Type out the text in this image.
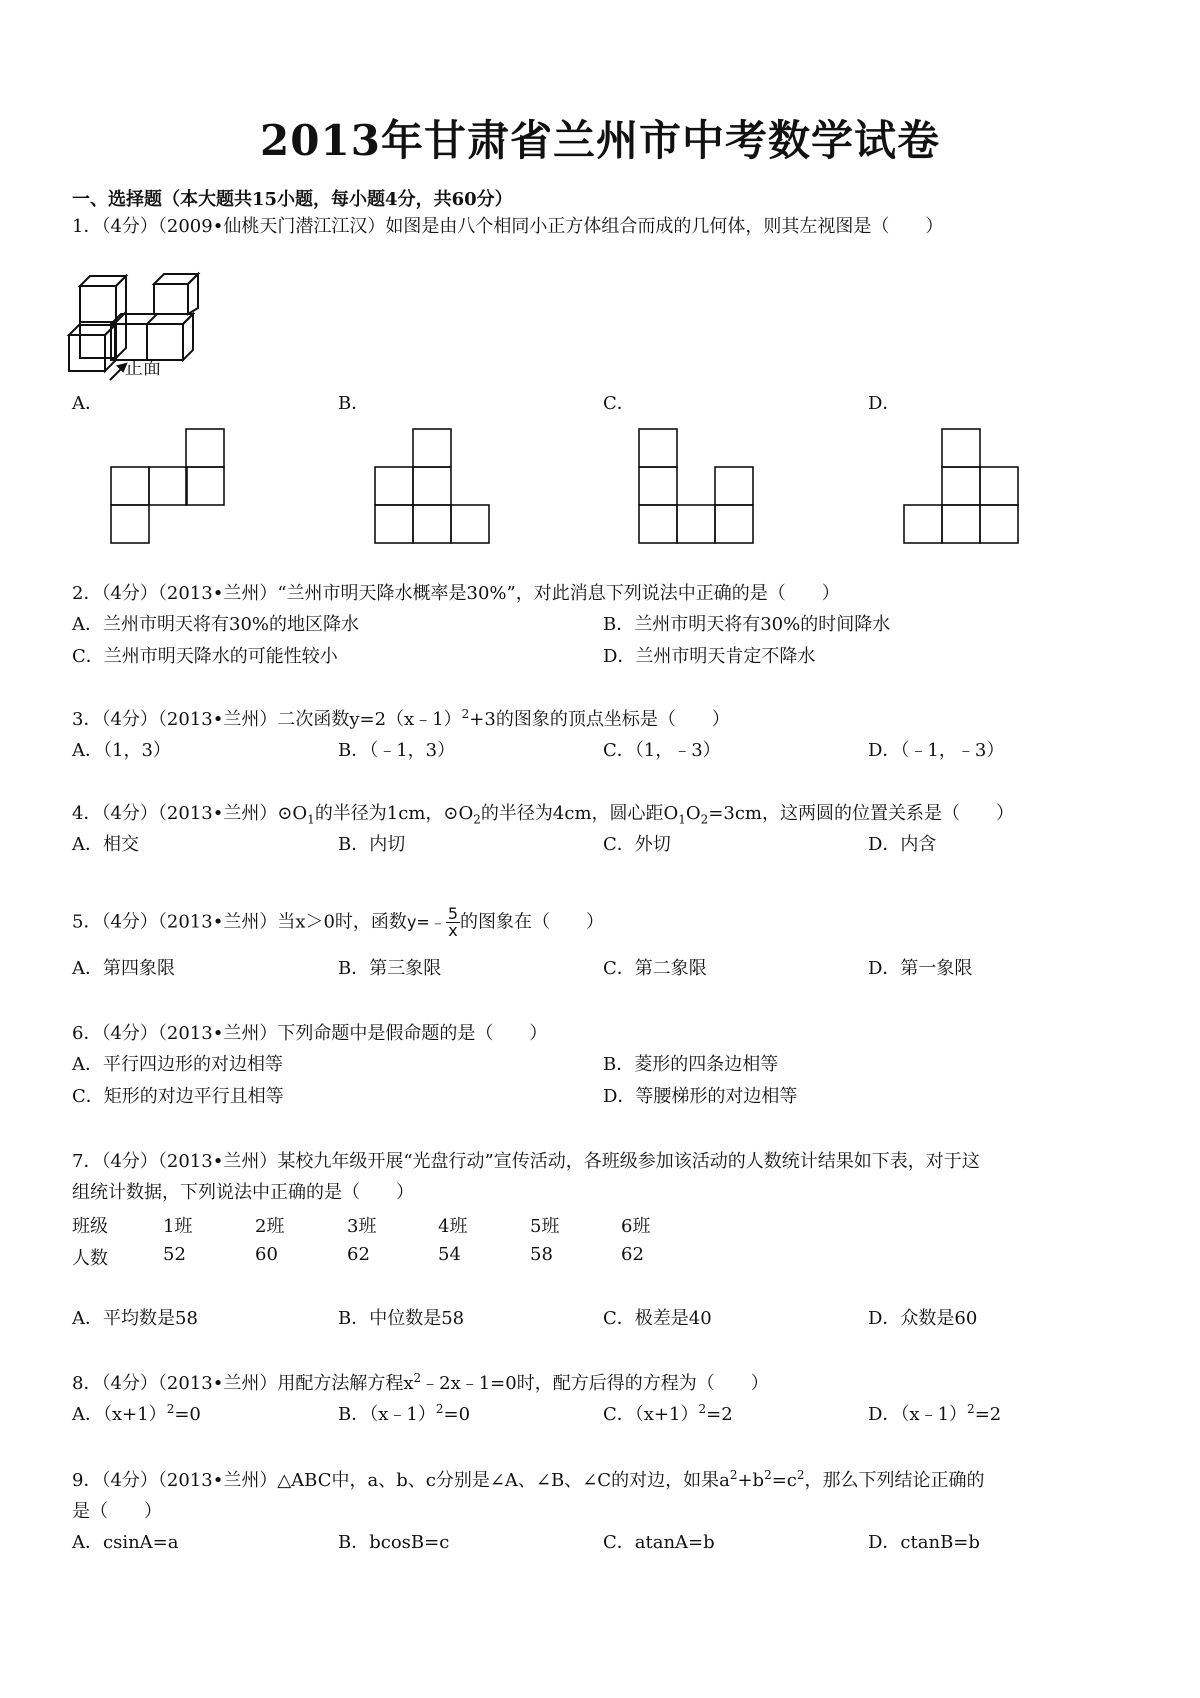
2013年甘肃省兰州市中考数学试卷
一、选择题（本大题共15小题，每小题4分，共60分）
1．（4分）（2009•仙桃天门潜江江汉）如图是由八个相同小正方体组合而成的几何体，则其左视图是（　　）
正面
A．	B．	C．	D．
2．（4分）（2013•兰州）“兰州市明天降水概率是30%”，对此消息下列说法中正确的是（　　）
A．兰州市明天将有30%的地区降水	B．兰州市明天将有30%的时间降水
C．兰州市明天降水的可能性较小	D．兰州市明天肯定不降水
3．（4分）（2013•兰州）二次函数y=2（x﹣1）$^2$+3的图象的顶点坐标是（　　）
A．（1，3）	B．（﹣1，3）	C．（1，﹣3）	D．（﹣1，﹣3）
4．（4分）（2013•兰州）$⊙O_1$的半径为1cm，$⊙O_2$的半径为4cm，圆心距$O_1O_2=3cm$，这两圆的位置关系是（　　）
A．相交	B．内切	C．外切	D．内含
5．（4分）（2013•兰州）当x＞0时，函数y=﹣ $\frac{5}{x}$ 的图象在（　　）
A．第四象限	B．第三象限	C．第二象限	D．第一象限
6．（4分）（2013•兰州）下列命题中是假命题的是（　　）
A．平行四边形的对边相等	B．菱形的四条边相等
C．矩形的对边平行且相等	D．等腰梯形的对边相等
7．（4分）（2013•兰州）某校九年级开展“光盘行动”宣传活动，各班级参加该活动的人数统计结果如下表，对于这
组统计数据，下列说法中正确的是（　　）
班级	1班	2班	3班	4班	5班	6班
人数	52	60	62	54	58	62
A．平均数是58	B．中位数是58	C．极差是40	D．众数是60
8．（4分）（2013•兰州）用配方法解方程$x^2﹣2x﹣1=0$时，配方后得的方程为（　　）
A．$(x+1)^2=0$	B．（x﹣1）$^2$=0	C．$(x+1)^2=2$	D．（x﹣1）$^2$=2
9．（4分）（2013•兰州）△ABC中，a、b、c分别是∠A、∠B、∠C的对边，如果$a^2+b^2=c^2$，那么下列结论正确的
是（　　）
A．csinA=a	B．bcosB=c	C．atanA=b	D．ctanB=b
